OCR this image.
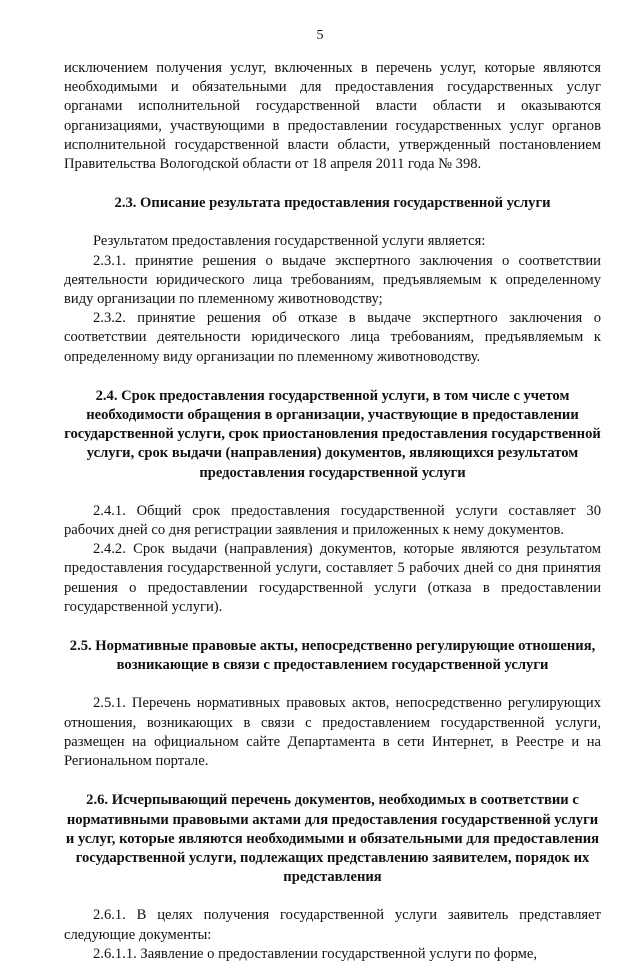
5

исключением получения услуг, включенных в перечень услуг, которые являются необходимыми и обязательными для предоставления государственных услуг органами исполнительной государственной власти области и оказываются организациями, участвующими в предоставлении государственных услуг органов исполнительной государственной власти области, утвержденный постановлением Правительства Вологодской области от 18 апреля 2011 года № 398.

2.3. Описание результата предоставления государственной услуги

Результатом предоставления государственной услуги является:

2.3.1. принятие решения о выдаче экспертного заключения о соответствии деятельности юридического лица требованиям, предъявляемым к определенному виду организации по племенному животноводству;

2.3.2. принятие решения об отказе в выдаче экспертного заключения о соответствии деятельности юридического лица требованиям, предъявляемым к определенному виду организации по племенному животноводству.

2.4. Срок предоставления государственной услуги, в том числе с учетом необходимости обращения в организации, участвующие в предоставлении государственной услуги, срок приостановления предоставления государственной услуги, срок выдачи (направления) документов, являющихся результатом предоставления государственной услуги

2.4.1. Общий срок предоставления государственной услуги составляет 30 рабочих дней со дня регистрации заявления и приложенных к нему документов.

2.4.2. Срок выдачи (направления) документов, которые являются результатом предоставления государственной услуги, составляет 5 рабочих дней со дня принятия решения о предоставлении государственной услуги (отказа в предоставлении государственной услуги).

2.5. Нормативные правовые акты, непосредственно регулирующие отношения, возникающие в связи с предоставлением государственной услуги

2.5.1. Перечень нормативных правовых актов, непосредственно регулирующих отношения, возникающих в связи с предоставлением государственной услуги, размещен на официальном сайте Департамента в сети Интернет, в Реестре и на Региональном портале.

2.6. Исчерпывающий перечень документов, необходимых в соответствии с нормативными правовыми актами для предоставления государственной услуги и услуг, которые являются необходимыми и обязательными для предоставления государственной услуги, подлежащих представлению заявителем, порядок их представления

2.6.1. В целях получения государственной услуги заявитель представляет следующие документы:

2.6.1.1. Заявление о предоставлении государственной услуги по форме,
